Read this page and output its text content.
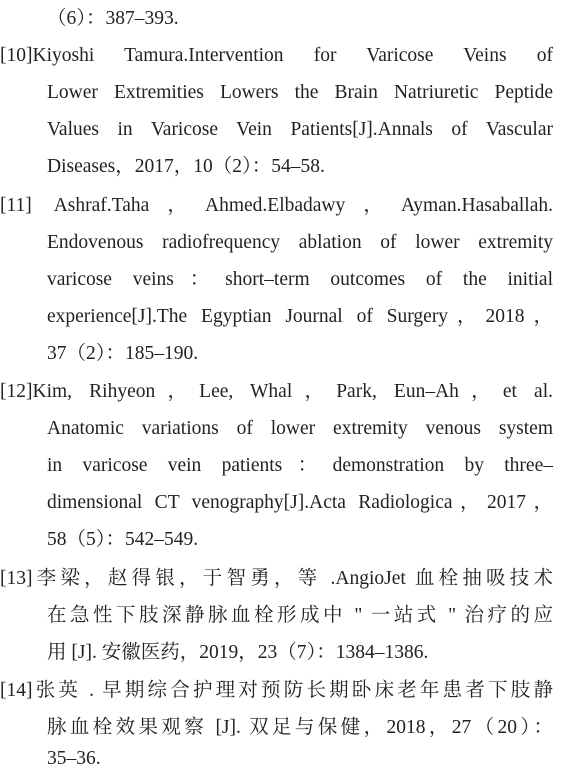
（6）：387–393.
[10]Kiyoshi Tamura.Intervention for Varicose Veins of
Lower Extremities Lowers the Brain Natriuretic Peptide
Values in Varicose Vein Patients[J].Annals of Vascular
Diseases，2017，10（2）：54–58.
[11] Ashraf.Taha，Ahmed.Elbadawy，Ayman.Hasaballah.
Endovenous radiofrequency ablation of lower extremity
varicose veins：short–term outcomes of the initial
experience[J].The Egyptian Journal of Surgery，2018，
37（2）：185–190.
[12]Kim, Rihyeon，Lee, Whal，Park, Eun–Ah，et al.
Anatomic variations of lower extremity venous system
in varicose vein patients：demonstration by three–
dimensional CT venography[J].Acta Radiologica，2017，
58（5）：542–549.
[13]李梁，赵得银，于智勇，等 .AngioJet 血栓抽吸技术
在急性下肢深静脉血栓形成中 " 一站式 " 治疗的应
用 [J]. 安徽医药，2019，23（7）：1384–1386.
[14]张英 . 早期综合护理对预防长期卧床老年患者下肢静
脉血栓效果观察 [J]. 双足与保健，2018，27（20）：
35–36.
